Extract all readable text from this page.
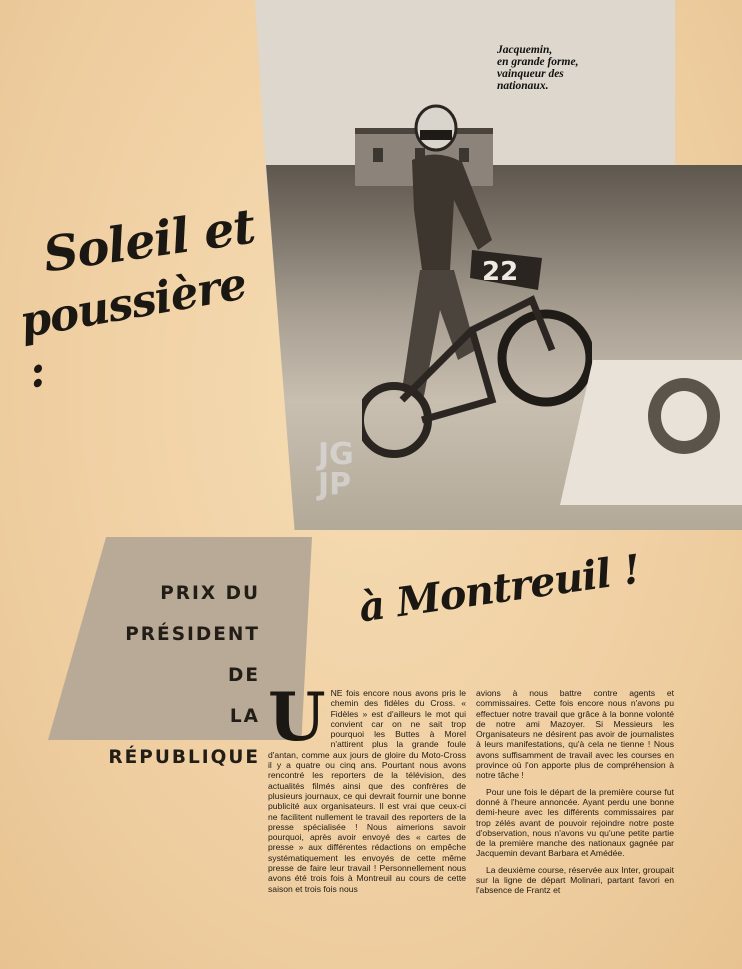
22
JG
JP
Jacquemin,
en grande forme,
vainqueur des
nationaux.
Soleil et
poussière :
PRIX DU
PRÉSIDENT DE
LA RÉPUBLIQUE
à Montreuil !
U NE fois encore nous avons pris le chemin des fidèles du Cross. « Fidèles » est d'ailleurs le mot qui convient car on ne sait trop pourquoi les Buttes à Morel n'attirent plus la grande foule d'antan, comme aux jours de gloire du Moto-Cross il y a quatre ou cinq ans. Pourtant nous avons rencontré les reporters de la télévision, des actualités filmés ainsi que des confrères de plusieurs journaux, ce qui devrait fournir une bonne publicité aux organisateurs. Il est vrai que ceux-ci ne facilitent nullement le travail des reporters de la presse spécialisée ! Nous aimerions savoir pourquoi, après avoir envoyé des « cartes de presse » aux différentes rédactions on empêche systématiquement les envoyés de cette même presse de faire leur travail ! Personnellement nous avons été trois fois à Montreuil au cours de cette saison et trois fois nous

avions à nous battre contre agents et commissaires. Cette fois encore nous n'avons pu effectuer notre travail que grâce à la bonne volonté de notre ami Mazoyer. Si Messieurs les Organisateurs ne désirent pas avoir de journalistes à leurs manifestations, qu'à cela ne tienne ! Nous avons suffisamment de travail avec les courses en province où l'on apporte plus de compréhension à notre tâche !

Pour une fois le départ de la première course fut donné à l'heure annoncée. Ayant perdu une bonne demi-heure avec les différents commissaires par trop zélés avant de pouvoir rejoindre notre poste d'observation, nous n'avons vu qu'une petite partie de la première manche des nationaux gagnée par Jacquemin devant Barbara et Amédée.

La deuxième course, réservée aux Inter, groupait sur la ligne de départ Molinari, partant favori en l'absence de Frantz et
